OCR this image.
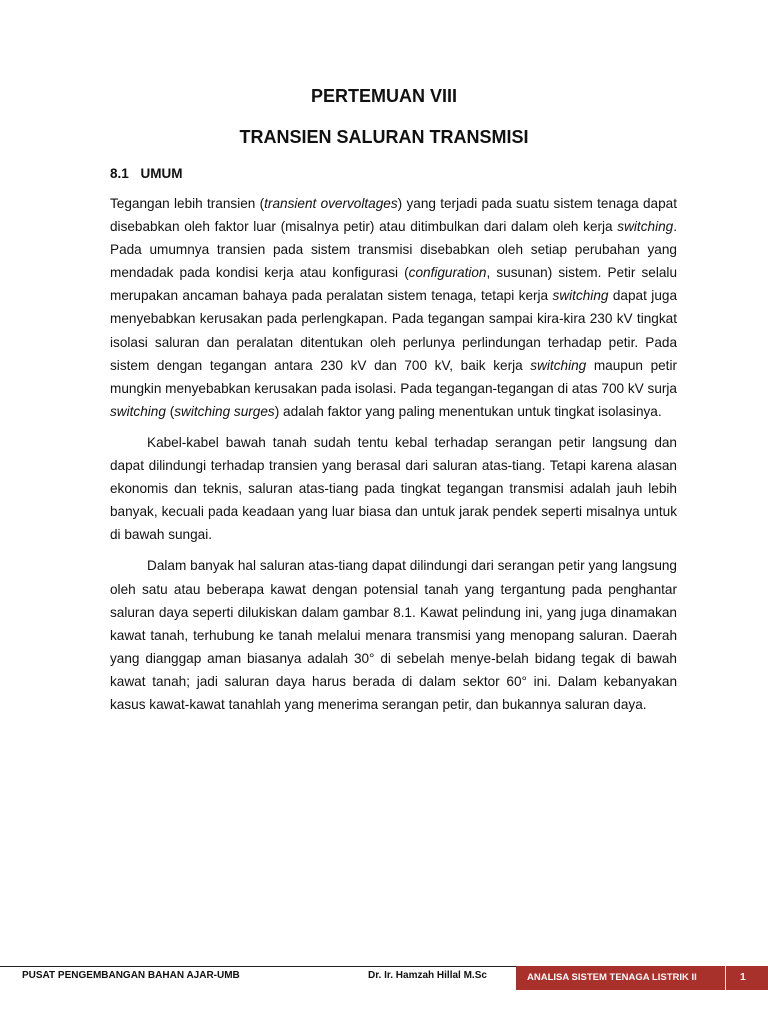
PERTEMUAN VIII
TRANSIEN SALURAN TRANSMISI
8.1 UMUM

Tegangan lebih transien (transient overvoltages) yang terjadi pada suatu sistem tenaga dapat disebabkan oleh faktor luar (misalnya petir) atau ditimbulkan dari dalam oleh kerja switching. Pada umumnya transien pada sistem transmisi disebabkan oleh setiap perubahan yang mendadak pada kondisi kerja atau konfigurasi (configuration, susunan) sistem. Petir selalu merupakan ancaman bahaya pada peralatan sistem tenaga, tetapi kerja switching dapat juga menyebabkan kerusakan pada perlengkapan. Pada tegangan sampai kira-kira 230 kV tingkat isolasi saluran dan peralatan ditentukan oleh perlunya perlindungan terhadap petir. Pada sistem dengan tegangan antara 230 kV dan 700 kV, baik kerja switching maupun petir mungkin menyebabkan kerusakan pada isolasi. Pada tegangan-tegangan di atas 700 kV surja switching (switching surges) adalah faktor yang paling menentukan untuk tingkat isolasinya.

Kabel-kabel bawah tanah sudah tentu kebal terhadap serangan petir langsung dan dapat dilindungi terhadap transien yang berasal dari saluran atas-tiang. Tetapi karena alasan ekonomis dan teknis, saluran atas-tiang pada tingkat tegangan transmisi adalah jauh lebih banyak, kecuali pada keadaan yang luar biasa dan untuk jarak pendek seperti misalnya untuk di bawah sungai.

Dalam banyak hal saluran atas-tiang dapat dilindungi dari serangan petir yang langsung oleh satu atau beberapa kawat dengan potensial tanah yang tergantung pada penghantar saluran daya seperti dilukiskan dalam gambar 8.1. Kawat pelindung ini, yang juga dinamakan kawat tanah, terhubung ke tanah melalui menara transmisi yang menopang saluran. Daerah yang dianggap aman biasanya adalah 30° di sebelah menye-belah bidang tegak di bawah kawat tanah; jadi saluran daya harus berada di dalam sektor 60° ini. Dalam kebanyakan kasus kawat-kawat tanahlah yang menerima serangan petir, dan bukannya saluran daya.

PUSAT PENGEMBANGAN BAHAN AJAR-UMB	Dr. Ir. Hamzah Hillal M.Sc	ANALISA SISTEM TENAGA LISTRIK II	1
